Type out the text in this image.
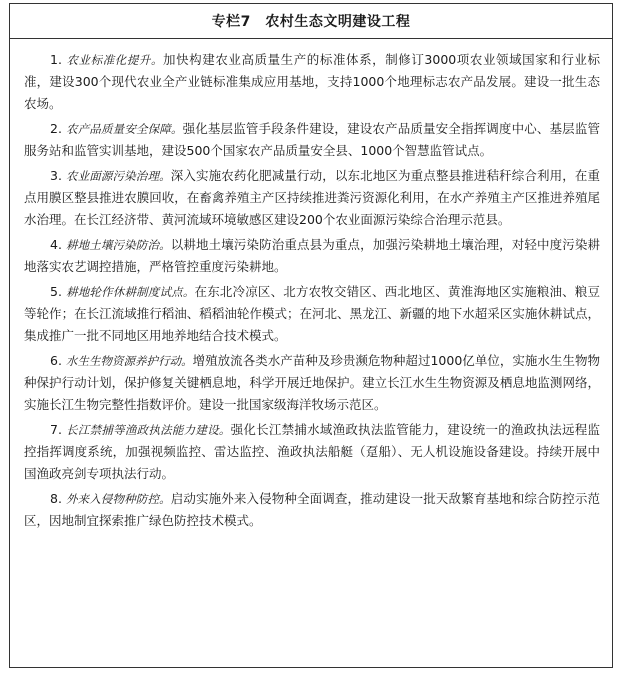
专栏7　农村生态文明建设工程

1. 农业标准化提升。加快构建农业高质量生产的标准体系，制修订3000项农业领域国家和行业标准，建设300个现代农业全产业链标准集成应用基地，支持1000个地理标志农产品发展。建设一批生态农场。

2. 农产品质量安全保障。强化基层监管手段条件建设，建设农产品质量安全指挥调度中心、基层监管服务站和监管实训基地，建设500个国家农产品质量安全县、1000个智慧监管试点。

3. 农业面源污染治理。深入实施农药化肥减量行动，以东北地区为重点整县推进秸秆综合利用，在重点用膜区整县推进农膜回收，在畜禽养殖主产区持续推进粪污资源化利用，在水产养殖主产区推进养殖尾水治理。在长江经济带、黄河流域环境敏感区建设200个农业面源污染综合治理示范县。

4. 耕地土壤污染防治。以耕地土壤污染防治重点县为重点，加强污染耕地土壤治理，对轻中度污染耕地落实农艺调控措施，严格管控重度污染耕地。

5. 耕地轮作休耕制度试点。在东北冷凉区、北方农牧交错区、西北地区、黄淮海地区实施粮油、粮豆等轮作；在长江流域推行稻油、稻稻油轮作模式；在河北、黑龙江、新疆的地下水超采区实施休耕试点，集成推广一批不同地区用地养地结合技术模式。

6. 水生生物资源养护行动。增殖放流各类水产苗种及珍贵濒危物种超过1000亿单位，实施水生生物物种保护行动计划，保护修复关键栖息地，科学开展迁地保护。建立长江水生生物资源及栖息地监测网络，实施长江生物完整性指数评价。建设一批国家级海洋牧场示范区。

7. 长江禁捕等渔政执法能力建设。强化长江禁捕水域渔政执法监管能力，建设统一的渔政执法远程监控指挥调度系统，加强视频监控、雷达监控、渔政执法船艇（趸船）、无人机设施设备建设。持续开展中国渔政亮剑专项执法行动。

8. 外来入侵物种防控。启动实施外来入侵物种全面调查，推动建设一批天敌繁育基地和综合防控示范区，因地制宜探索推广绿色防控技术模式。
